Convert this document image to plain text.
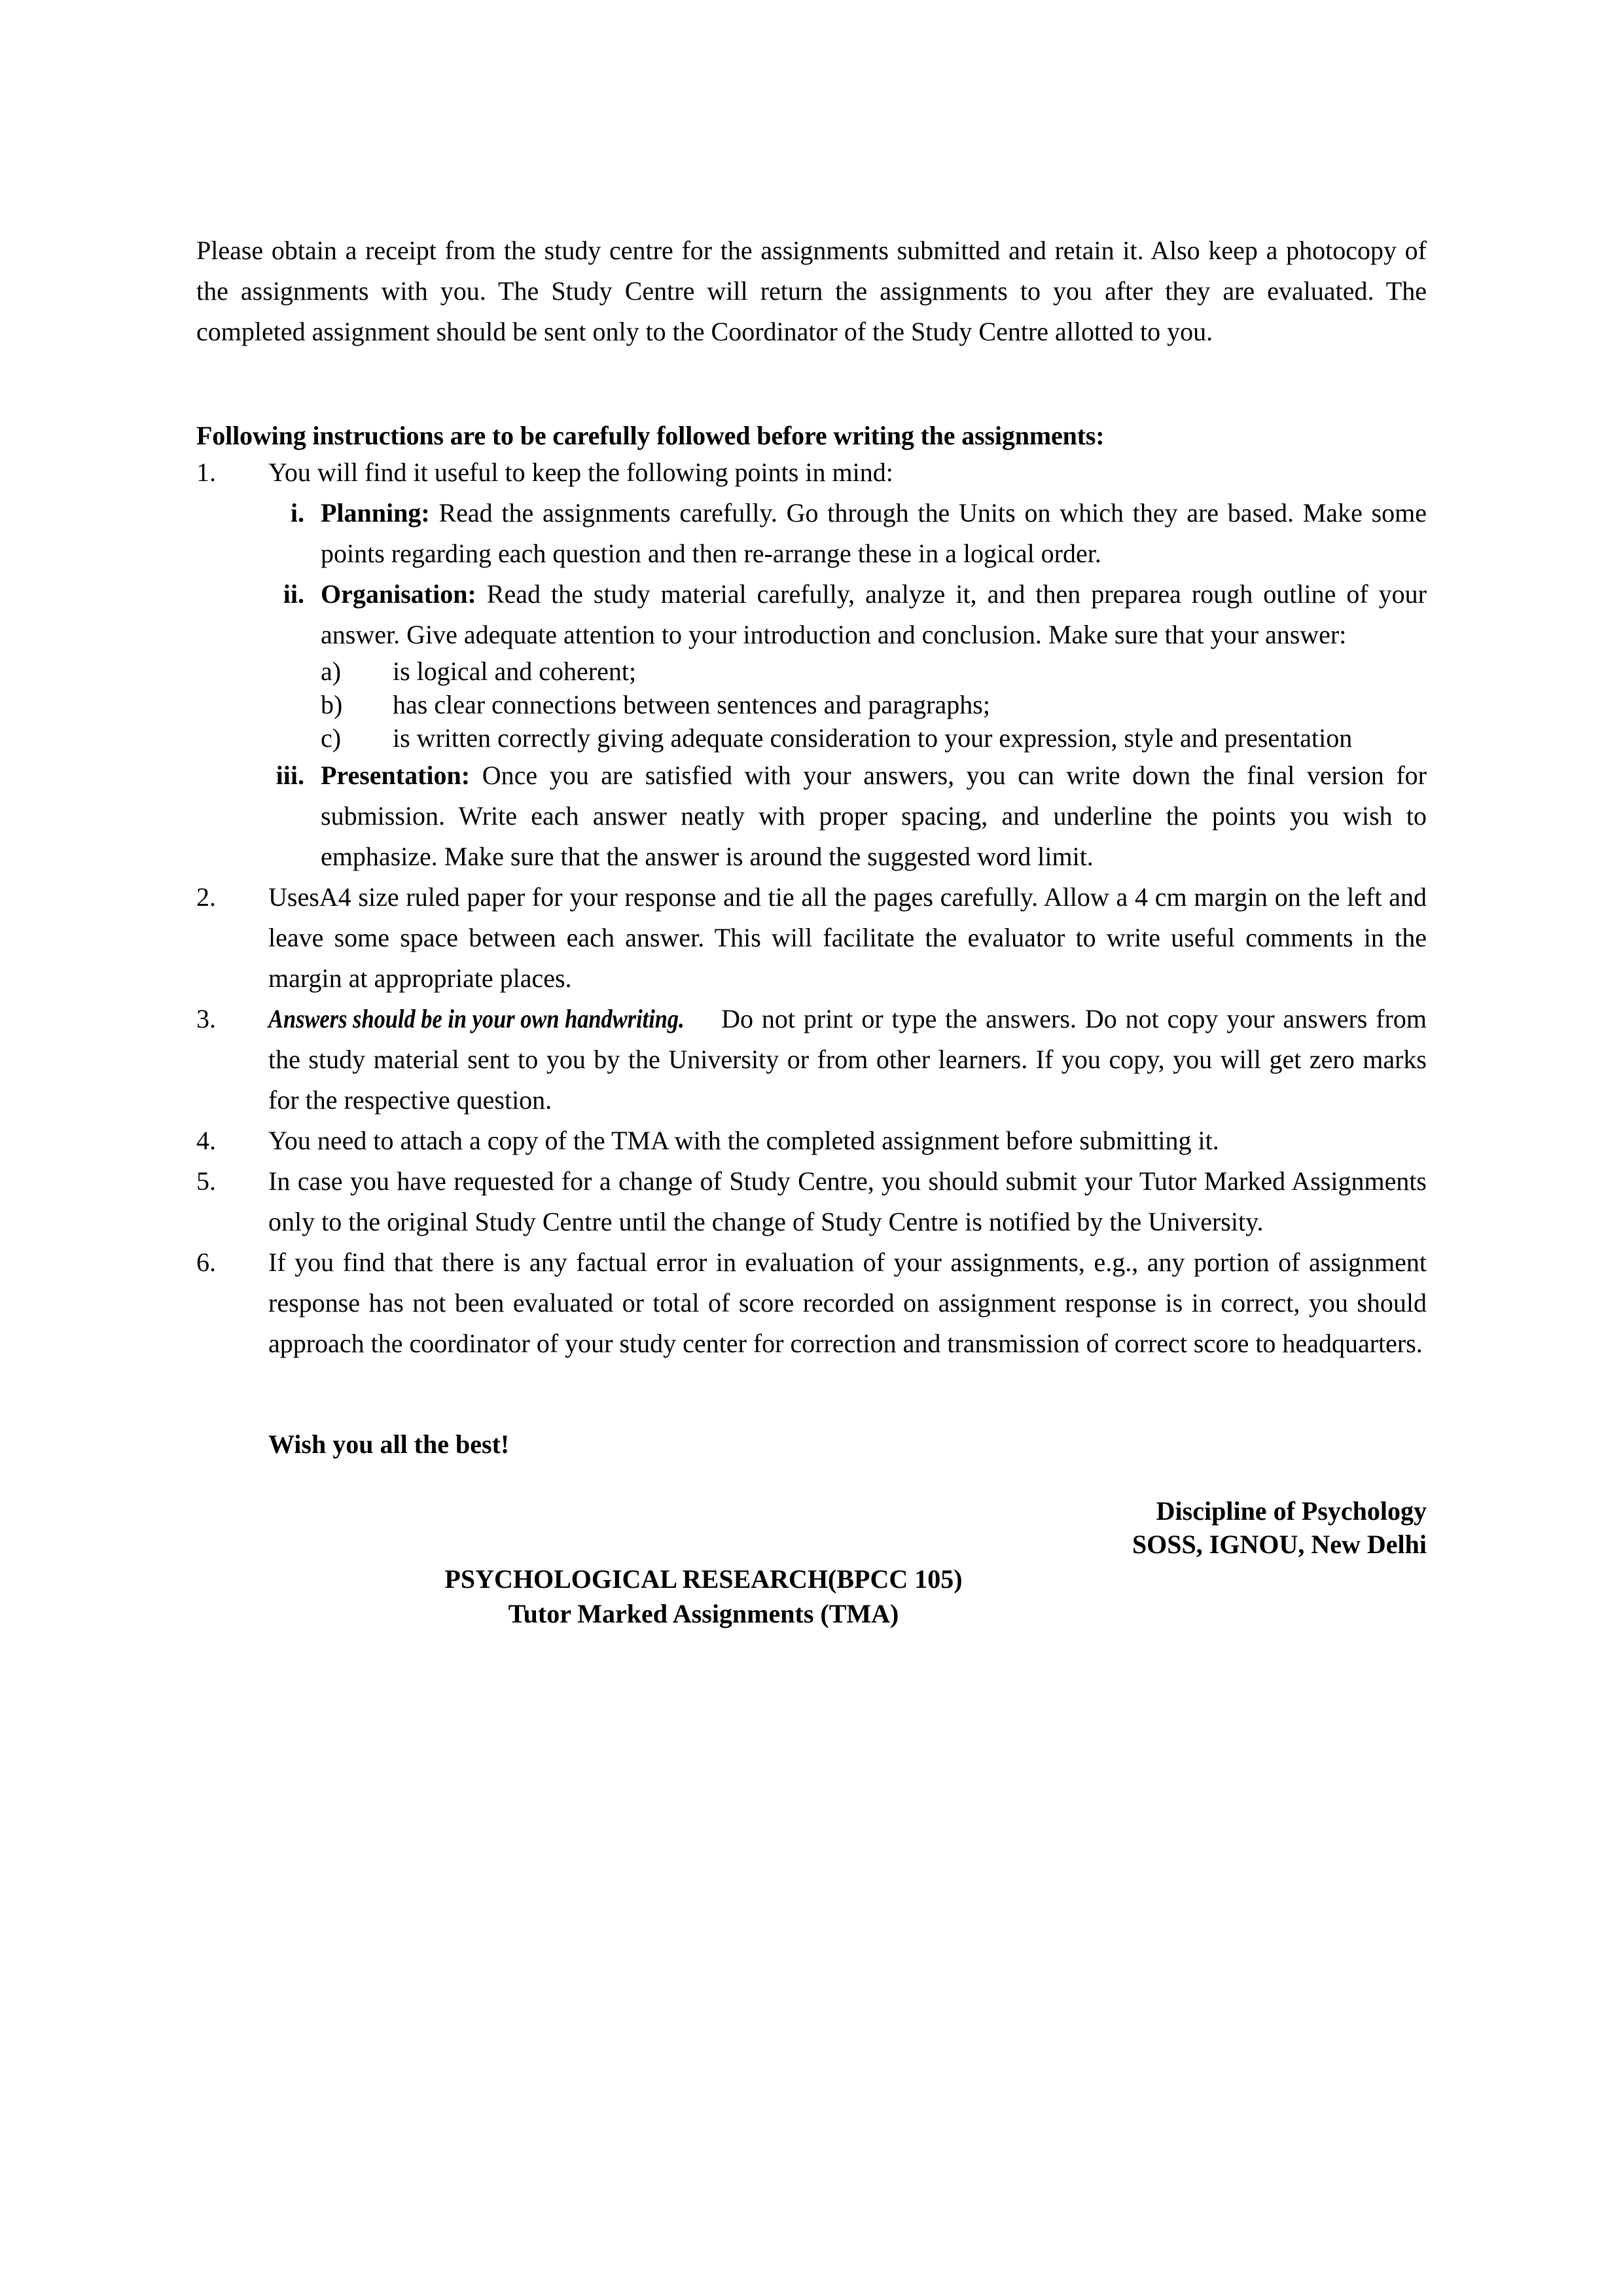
Please obtain a receipt from the study centre for the assignments submitted and retain it. Also keep a photocopy of the assignments with you. The Study Centre will return the assignments to you after they are evaluated. The completed assignment should be sent only to the Coordinator of the Study Centre allotted to you.

Following instructions are to be carefully followed before writing the assignments:

1.	You will find it useful to keep the following points in mind:
i. Planning: Read the assignments carefully. Go through the Units on which they are based. Make some points regarding each question and then re-arrange these in a logical order.
ii. Organisation: Read the study material carefully, analyze it, and then preparea rough outline of your answer. Give adequate attention to your introduction and conclusion. Make sure that your answer:
a)	is logical and coherent;
b)	has clear connections between sentences and paragraphs;
c)	is written correctly giving adequate consideration to your expression, style and presentation
iii. Presentation: Once you are satisfied with your answers, you can write down the final version for submission. Write each answer neatly with proper spacing, and underline the points you wish to emphasize. Make sure that the answer is around the suggested word limit.
2.	UsesA4 size ruled paper for your response and tie all the pages carefully. Allow a 4 cm margin on the left and leave some space between each answer. This will facilitate the evaluator to write useful comments in the margin at appropriate places.
3.	Answers should be in your own handwriting. Do not print or type the answers. Do not copy your answers from the study material sent to you by the University or from other learners. If you copy, you will get zero marks for the respective question.
4.	You need to attach a copy of the TMA with the completed assignment before submitting it.
5.	In case you have requested for a change of Study Centre, you should submit your Tutor Marked Assignments only to the original Study Centre until the change of Study Centre is notified by the University.
6.	If you find that there is any factual error in evaluation of your assignments, e.g., any portion of assignment response has not been evaluated or total of score recorded on assignment response is in correct, you should approach the coordinator of your study center for correction and transmission of correct score to headquarters.

Wish you all the best!

Discipline of Psychology

SOSS, IGNOU, New Delhi

PSYCHOLOGICAL RESEARCH(BPCC 105)

Tutor Marked Assignments (TMA)
